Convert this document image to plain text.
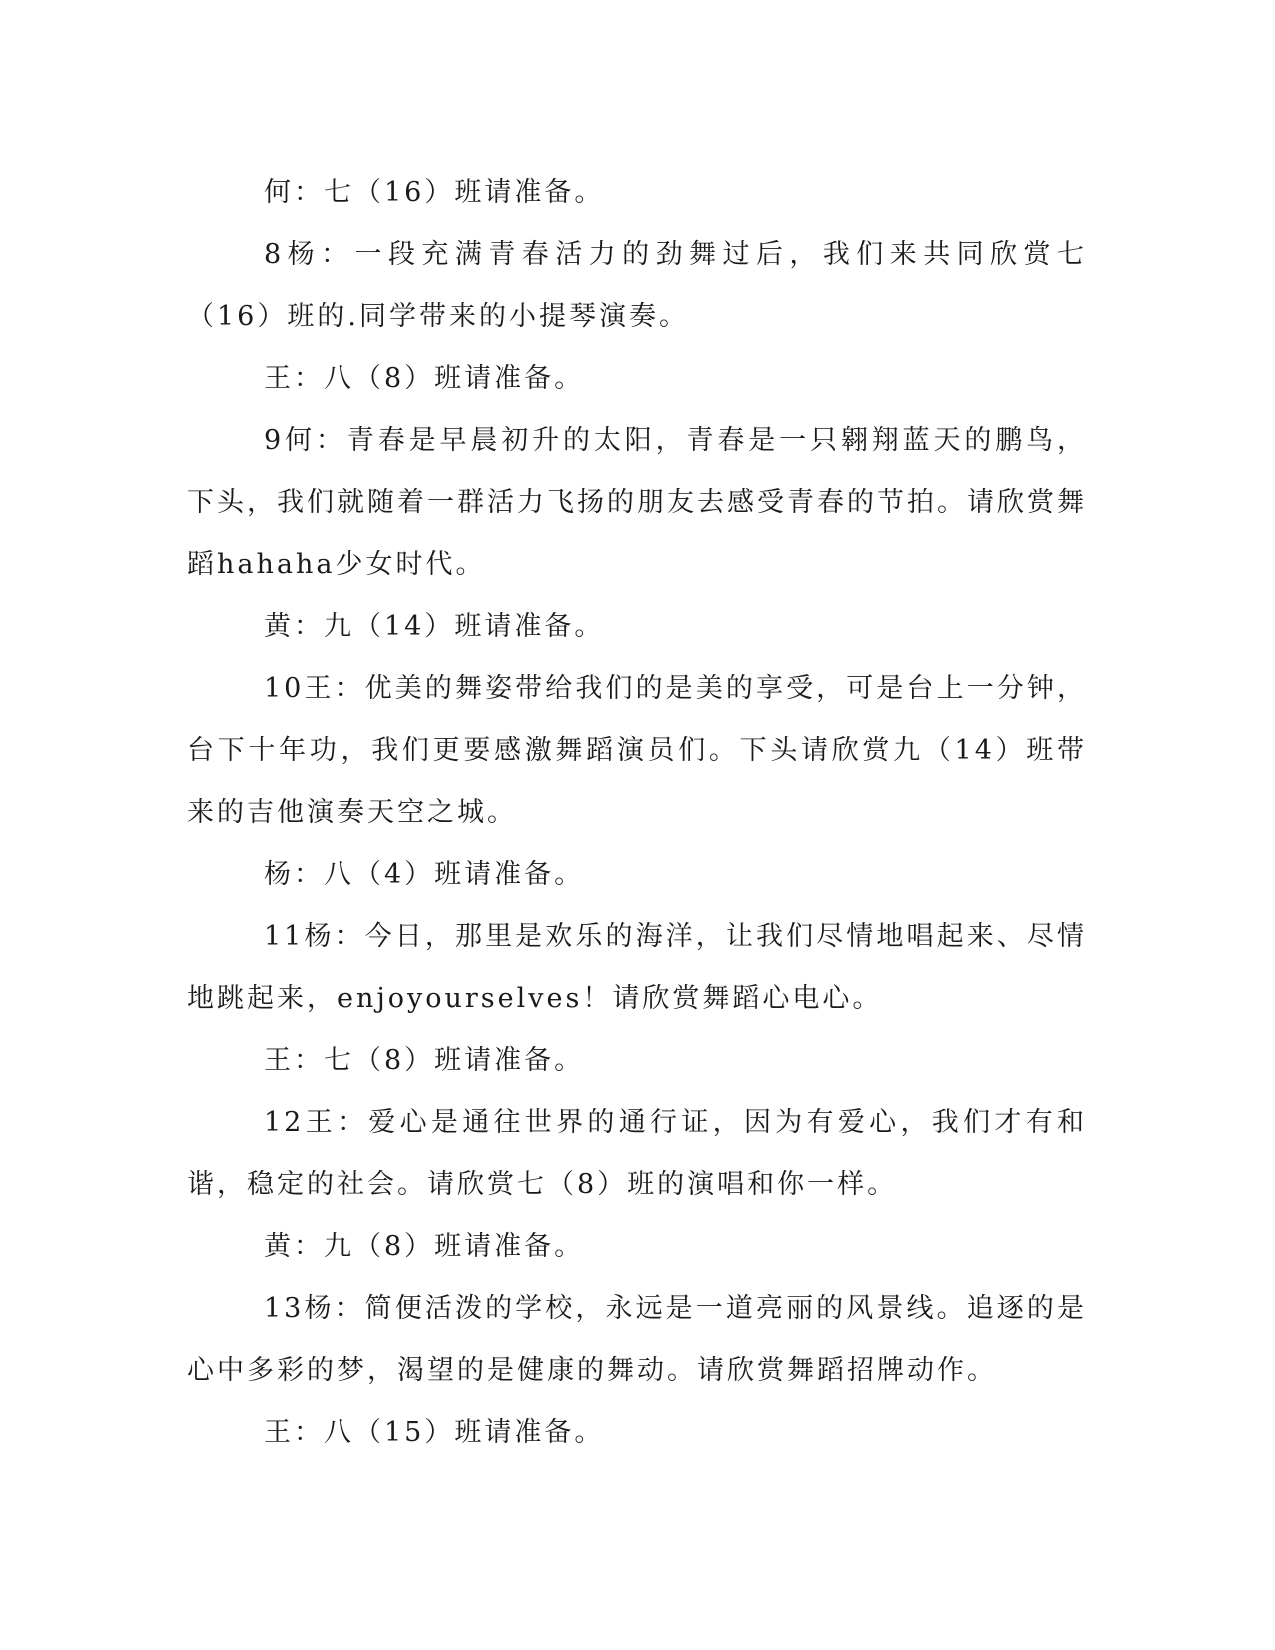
何：七（16）班请准备。

8杨：一段充满青春活力的劲舞过后，我们来共同欣赏七（16）班的.同学带来的小提琴演奏。

王：八（8）班请准备。

9何：青春是早晨初升的太阳，青春是一只翱翔蓝天的鹏鸟，下头，我们就随着一群活力飞扬的朋友去感受青春的节拍。请欣赏舞蹈hahaha少女时代。

黄：九（14）班请准备。

10王：优美的舞姿带给我们的是美的享受，可是台上一分钟，台下十年功，我们更要感激舞蹈演员们。下头请欣赏九（14）班带来的吉他演奏天空之城。

杨：八（4）班请准备。

11杨：今日，那里是欢乐的海洋，让我们尽情地唱起来、尽情地跳起来，enjoyourselves！请欣赏舞蹈心电心。

王：七（8）班请准备。

12王：爱心是通往世界的通行证，因为有爱心，我们才有和谐，稳定的社会。请欣赏七（8）班的演唱和你一样。

黄：九（8）班请准备。

13杨：简便活泼的学校，永远是一道亮丽的风景线。追逐的是心中多彩的梦，渴望的是健康的舞动。请欣赏舞蹈招牌动作。

王：八（15）班请准备。
